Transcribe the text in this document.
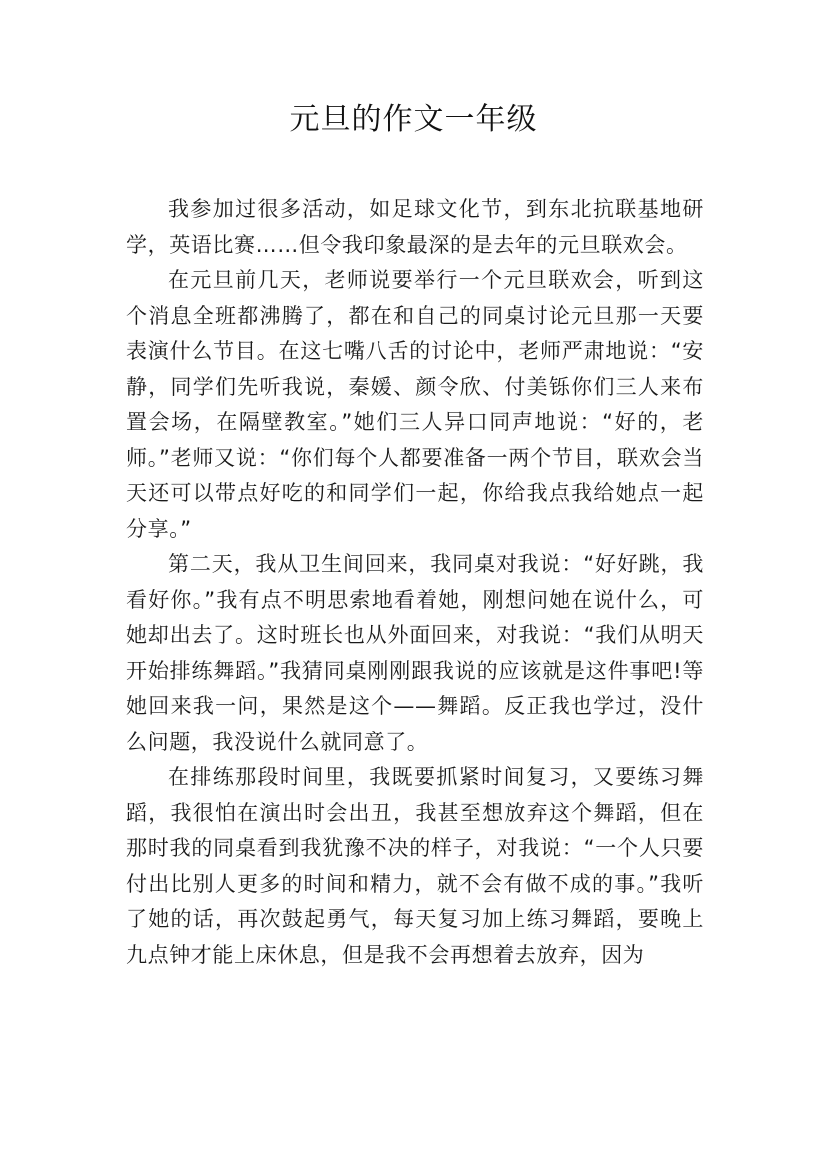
元旦的作文一年级

我参加过很多活动，如足球文化节，到东北抗联基地研学，英语比赛……但令我印象最深的是去年的元旦联欢会。

在元旦前几天，老师说要举行一个元旦联欢会，听到这个消息全班都沸腾了，都在和自己的同桌讨论元旦那一天要表演什么节目。在这七嘴八舌的讨论中，老师严肃地说：“安静，同学们先听我说，秦媛、颜令欣、付美铄你们三人来布置会场，在隔壁教室。”她们三人异口同声地说：“好的，老师。”老师又说：“你们每个人都要准备一两个节目，联欢会当天还可以带点好吃的和同学们一起，你给我点我给她点一起分享。”

第二天，我从卫生间回来，我同桌对我说：“好好跳，我看好你。”我有点不明思索地看着她，刚想问她在说什么，可她却出去了。这时班长也从外面回来，对我说：“我们从明天开始排练舞蹈。”我猜同桌刚刚跟我说的应该就是这件事吧!等她回来我一问，果然是这个——舞蹈。反正我也学过，没什么问题，我没说什么就同意了。

在排练那段时间里，我既要抓紧时间复习，又要练习舞蹈，我很怕在演出时会出丑，我甚至想放弃这个舞蹈，但在那时我的同桌看到我犹豫不决的样子，对我说：“一个人只要付出比别人更多的时间和精力，就不会有做不成的事。”我听了她的话，再次鼓起勇气，每天复习加上练习舞蹈，要晚上九点钟才能上床休息，但是我不会再想着去放弃，因为
